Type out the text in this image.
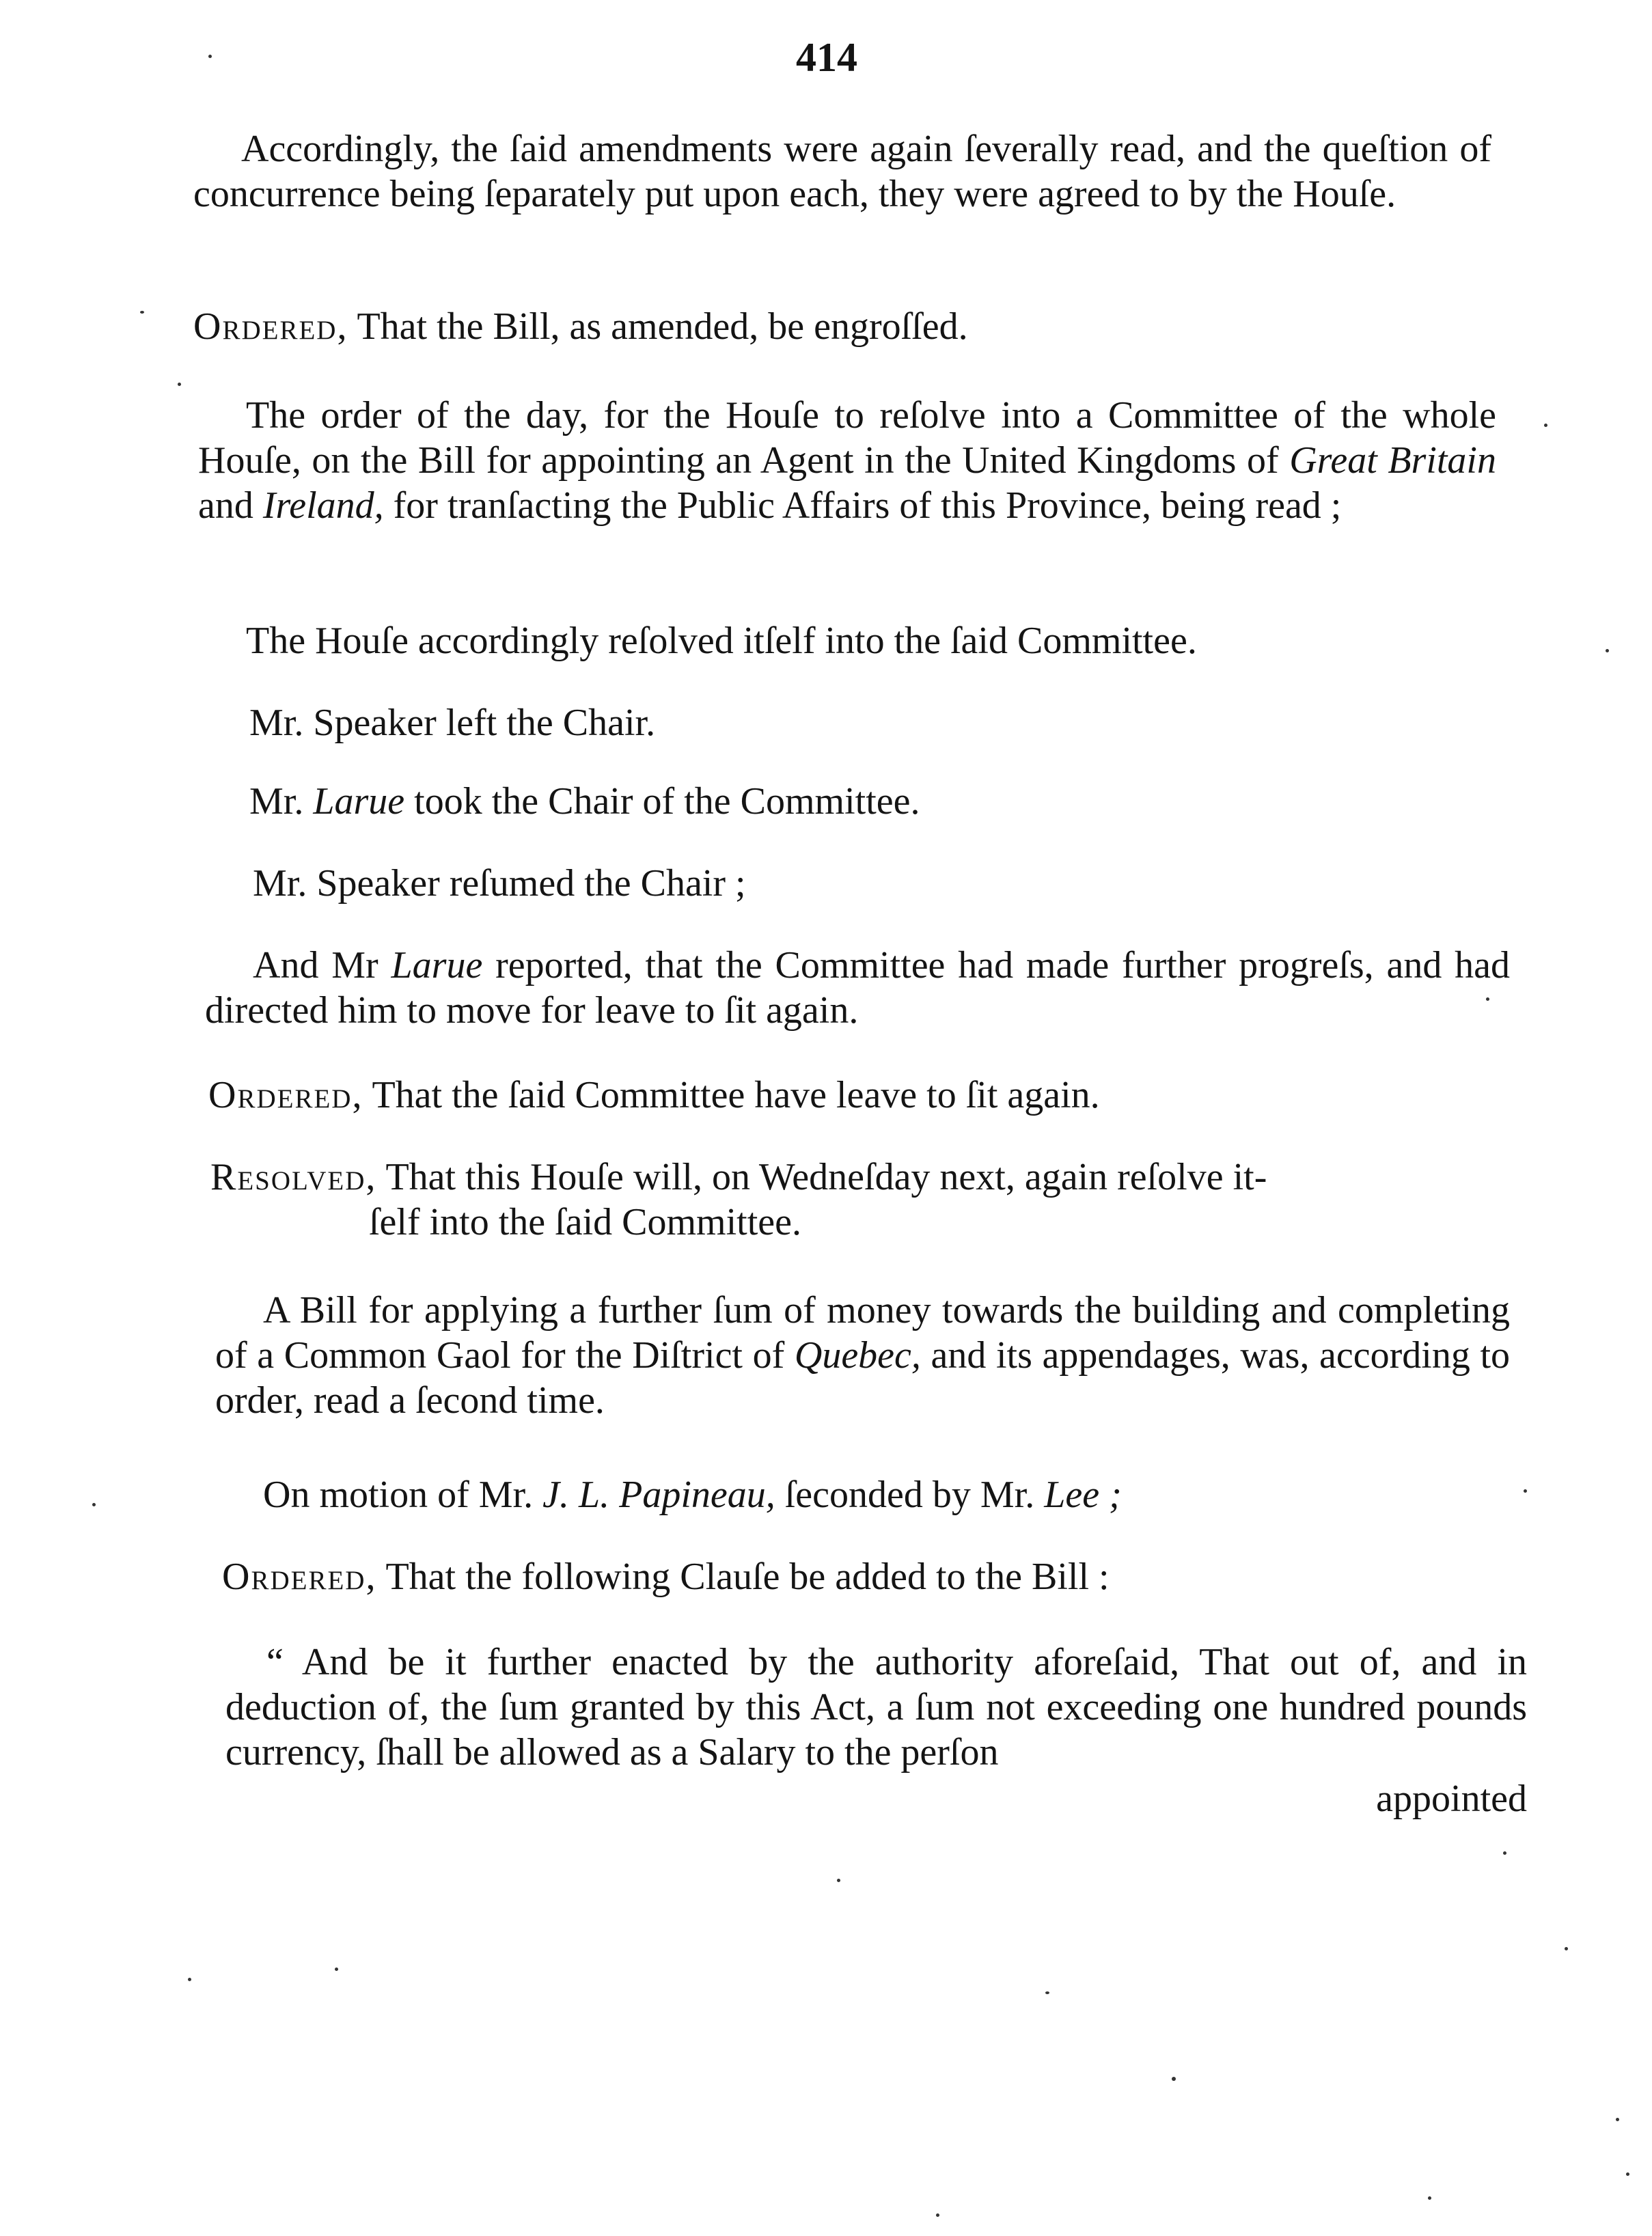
414

Accordingly, the ſaid amendments were again ſeverally read, and the queſtion of concurrence being ſeparately put upon each, they were agreed to by the Houſe.

Ordered, That the Bill, as amended, be engroſſed.

The order of the day, for the Houſe to reſolve into a Committee of the whole Houſe, on the Bill for appointing an Agent in the United Kingdoms of Great Britain and Ireland, for tranſacting the Public Affairs of this Province, being read ;

The Houſe accordingly reſolved itſelf into the ſaid Committee.

Mr. Speaker left the Chair.

Mr. Larue took the Chair of the Committee.

Mr. Speaker reſumed the Chair ;

And Mr Larue reported, that the Committee had made further progreſs, and had directed him to move for leave to ſit again.

Ordered, That the ſaid Committee have leave to ſit again.

Resolved, That this Houſe will, on Wedneſday next, again reſolve it-

ſelf into the ſaid Committee.

A Bill for applying a further ſum of money towards the building and completing of a Common Gaol for the Diſtrict of Quebec, and its appendages, was, according to order, read a ſecond time.

On motion of Mr. J. L. Papineau, ſeconded by Mr. Lee ;

Ordered, That the following Clauſe be added to the Bill :

“ And be it further enacted by the authority aforeſaid, That out of, and in deduction of, the ſum granted by this Act, a ſum not exceeding one hundred pounds currency, ſhall be allowed as a Salary to the perſon

appointed
